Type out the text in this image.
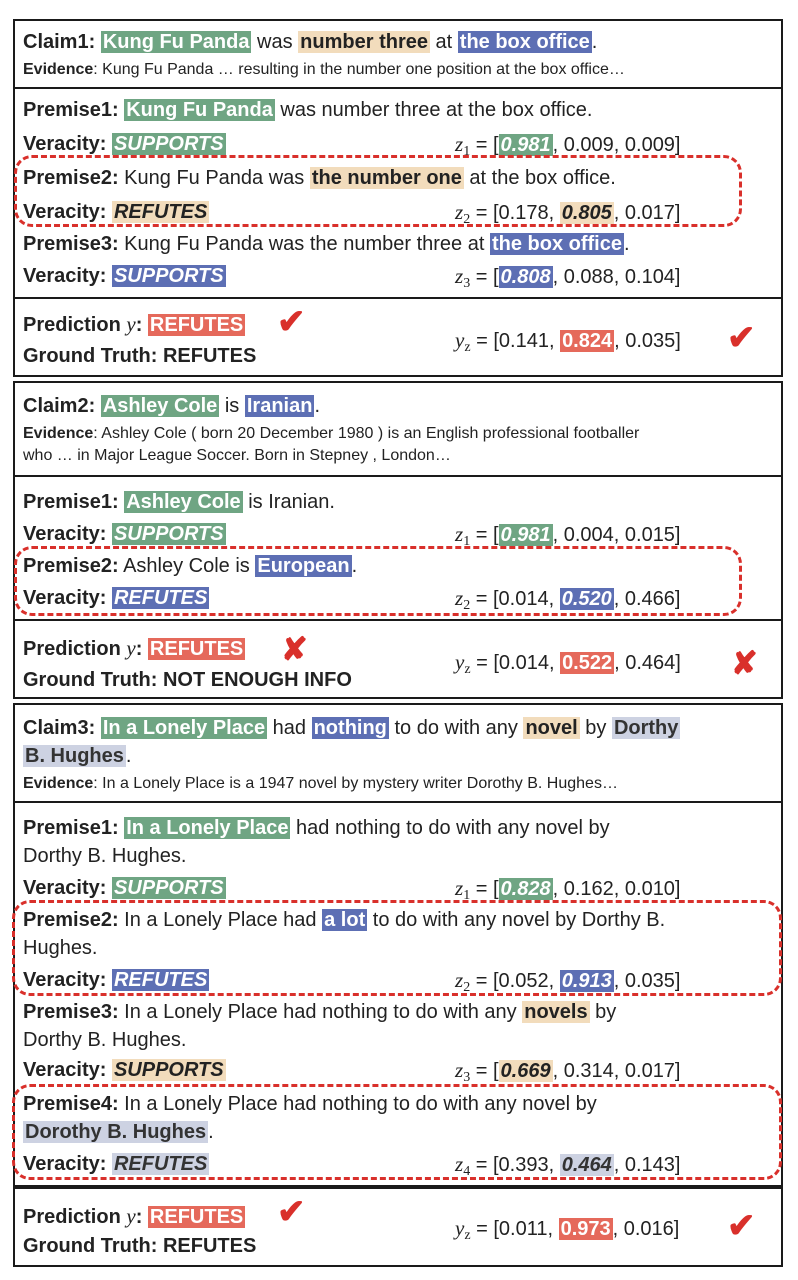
Claim1: Kung Fu Panda was number three at the box office .
Evidence: Kung Fu Panda … resulting in the number one position at the box office…
Premise1: Kung Fu Panda was number three at the box office.
Veracity: SUPPORTS	$z_1$ = [ 0.981 , 0.009, 0.009]
Premise2: Kung Fu Panda was the number one at the box office.
Veracity: REFUTES	$z_2 = [0.178$, 0.805 , 0.017]
Premise3: Kung Fu Panda was the number three at the box office .
Veracity: SUPPORTS	$z_3$ = [ 0.808 , 0.088, 0.104]
Prediction y: REFUTES ✔
Ground Truth: REFUTES
$y_z = [0.141$, 0.824 , 0.035] ✔
Claim2: Ashley Cole is Iranian .
Evidence: Ashley Cole ( born 20 December 1980 ) is an English professional footballer
who … in Major League Soccer. Born in Stepney , London…
Premise1: Ashley Cole is Iranian.
Veracity: SUPPORTS	$z_1$ = [ 0.981 , 0.004, 0.015]
Premise2: Ashley Cole is European .
Veracity: REFUTES	$z_2 = [0.014$, 0.520 , 0.466]
Prediction y: REFUTES ✘
Ground Truth: NOT ENOUGH INFO
$y_z = [0.014$, 0.522 , 0.464] ✘
Claim3: In a Lonely Place had nothing to do with any novel by Dorthy
B. Hughes .
Evidence: In a Lonely Place is a 1947 novel by mystery writer Dorothy B. Hughes…
Premise1: In a Lonely Place had nothing to do with any novel by
Dorthy B. Hughes.
Veracity: SUPPORTS	$z_1$ = [ 0.828 , 0.162, 0.010]
Premise2: In a Lonely Place had a lot to do with any novel by Dorthy B.
Hughes.
Veracity: REFUTES	$z_2 = [0.052$, 0.913 , 0.035]
Premise3: In a Lonely Place had nothing to do with any novels by
Dorthy B. Hughes.
Veracity: SUPPORTS	$z_3$ = [ 0.669 , 0.314, 0.017]
Premise4: In a Lonely Place had nothing to do with any novel by
Dorothy B. Hughes .
Veracity: REFUTES	$z_4 = [0.393$, 0.464 , 0.143]
Prediction y: REFUTES ✔
Ground Truth: REFUTES
$y_z = [0.011$, 0.973 , 0.016] ✔
